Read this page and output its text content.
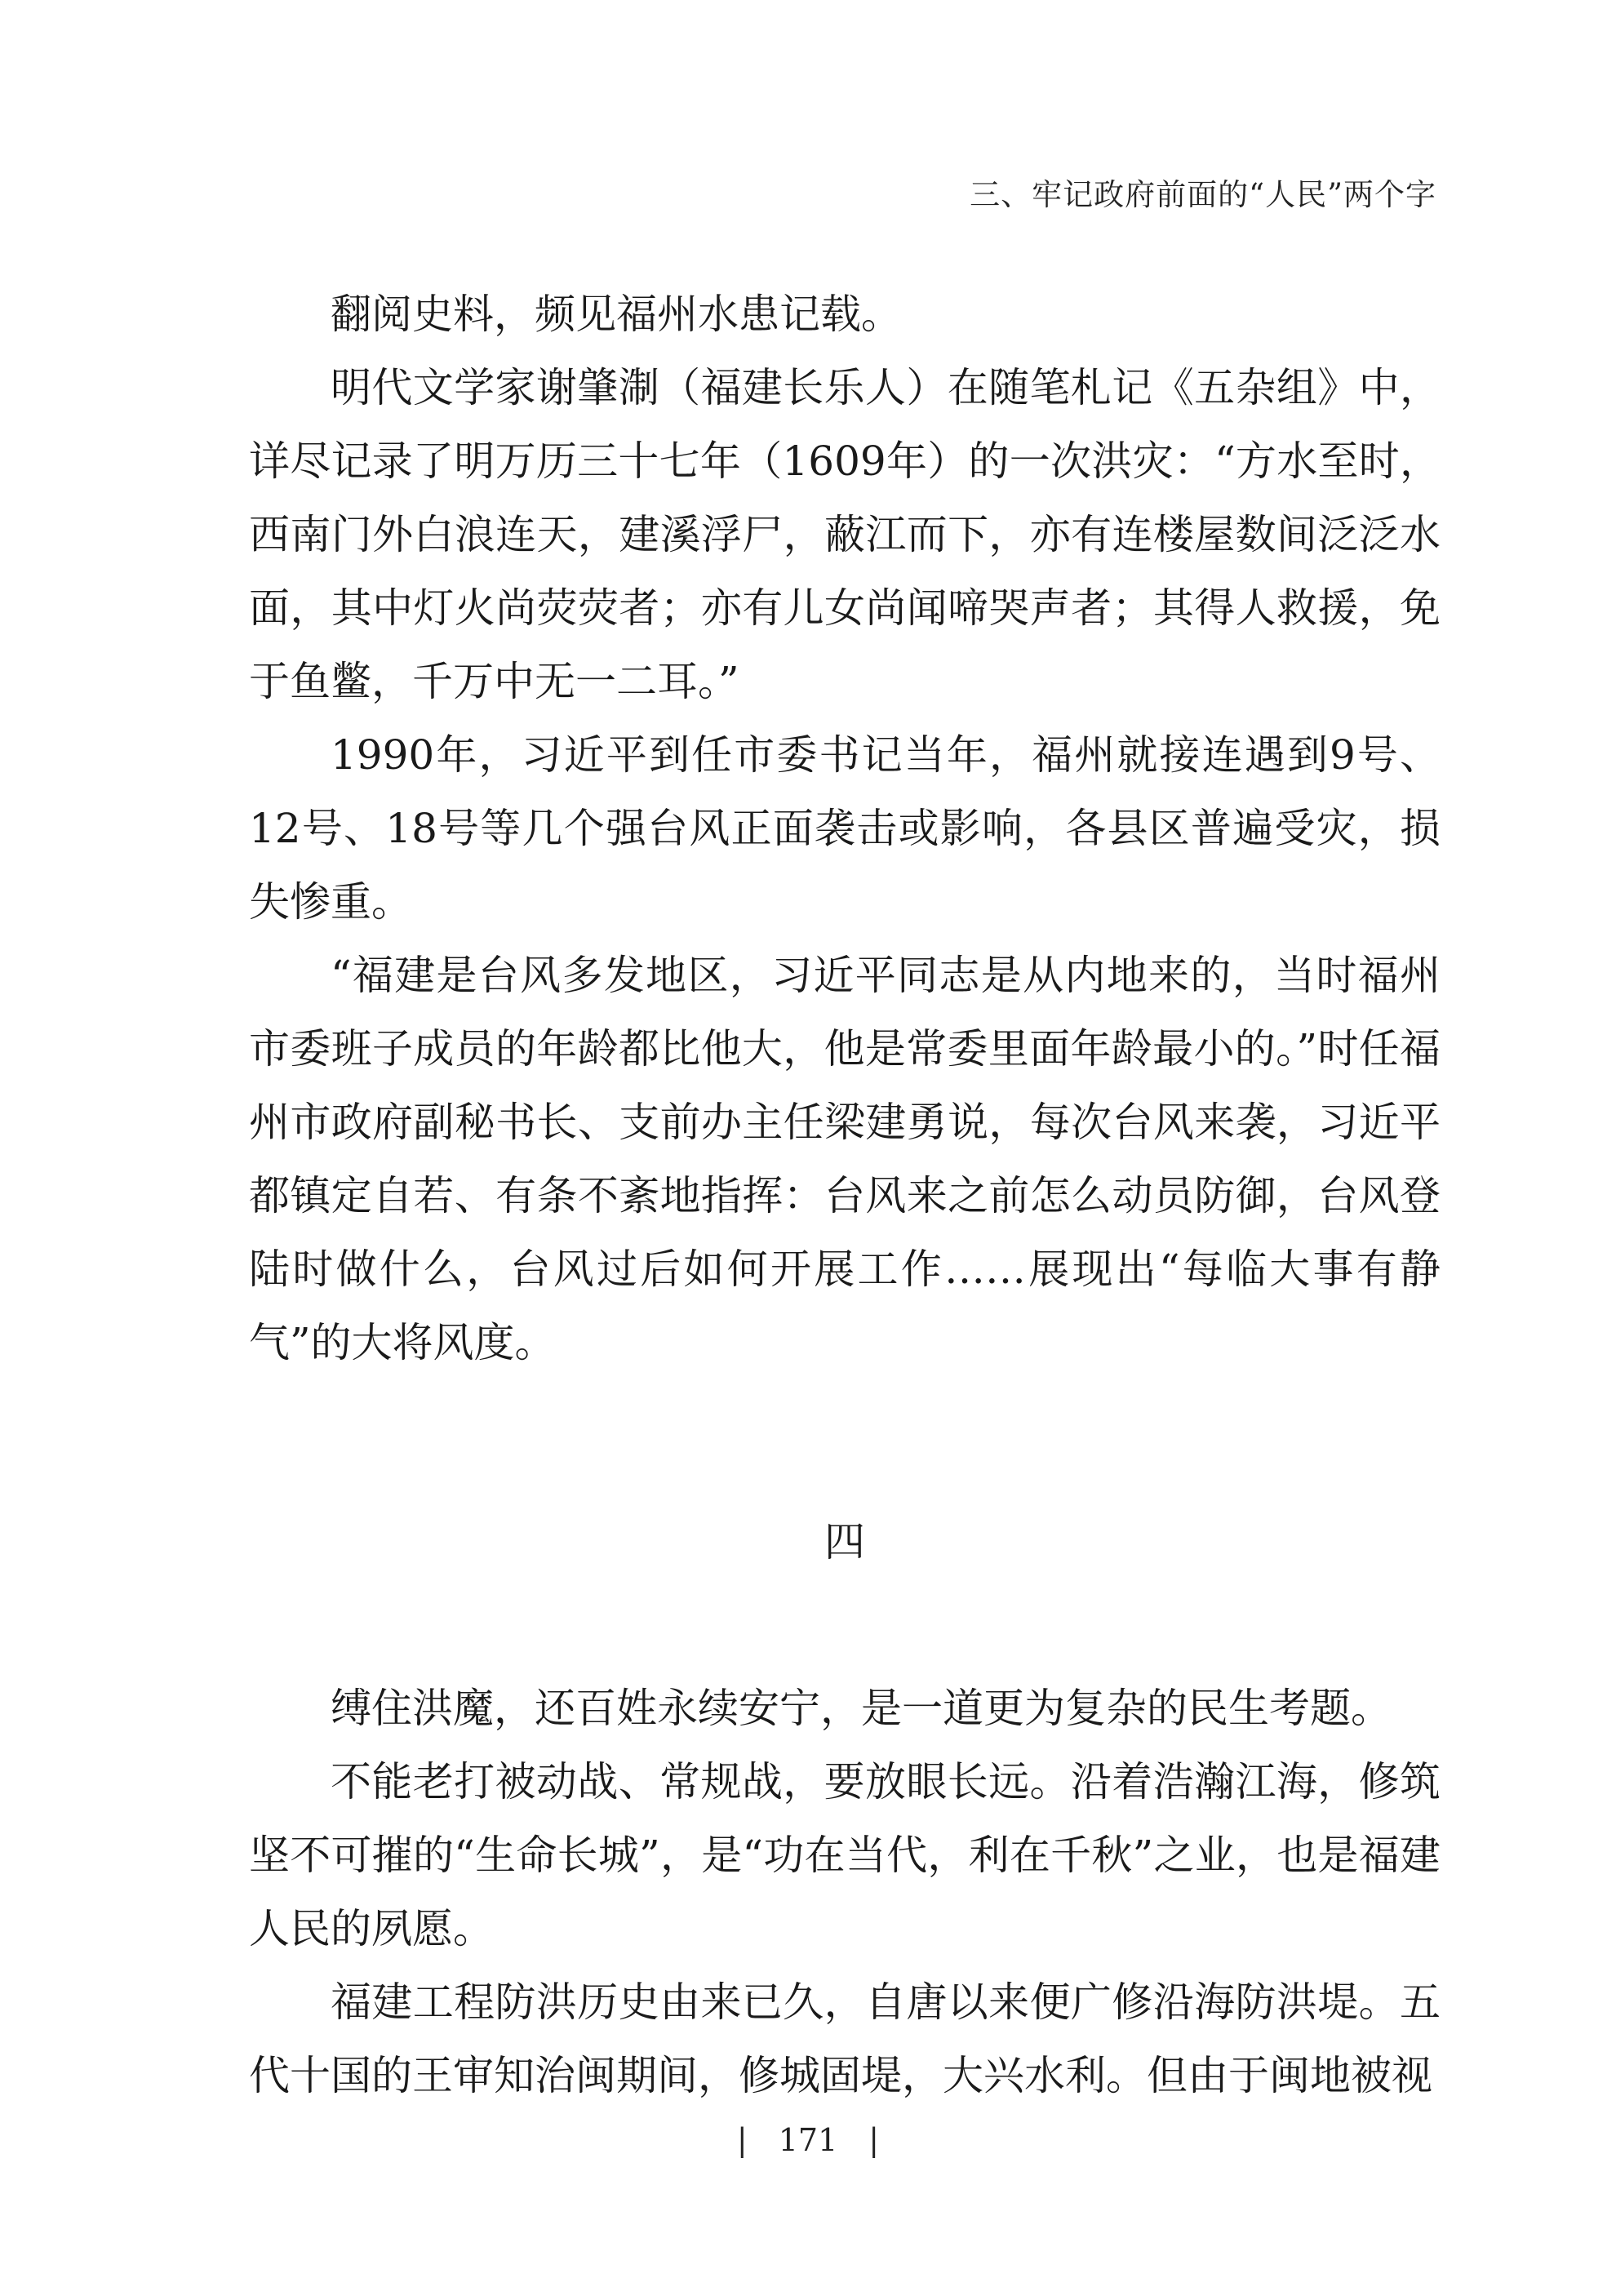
三、牢记政府前面的“人民”两个字

翻阅史料，频见福州水患记载。

明代文学家谢肇淛（福建长乐人）在随笔札记《五杂组》中，详尽记录了明万历三十七年（1609年）的一次洪灾：“方水至时，西南门外白浪连天，建溪浮尸，蔽江而下，亦有连楼屋数间泛泛水面，其中灯火尚荧荧者；亦有儿女尚闻啼哭声者；其得人救援，免于鱼鳖，千万中无一二耳。”

1990年，习近平到任市委书记当年，福州就接连遇到9号、12号、18号等几个强台风正面袭击或影响，各县区普遍受灾，损失惨重。

“福建是台风多发地区，习近平同志是从内地来的，当时福州市委班子成员的年龄都比他大，他是常委里面年龄最小的。”时任福州市政府副秘书长、支前办主任梁建勇说，每次台风来袭，习近平都镇定自若、有条不紊地指挥：台风来之前怎么动员防御，台风登陆时做什么，台风过后如何开展工作……展现出“每临大事有静气”的大将风度。

四

缚住洪魔，还百姓永续安宁，是一道更为复杂的民生考题。

不能老打被动战、常规战，要放眼长远。沿着浩瀚江海，修筑坚不可摧的“生命长城”，是“功在当代，利在千秋”之业，也是福建人民的夙愿。

福建工程防洪历史由来已久，自唐以来便广修沿海防洪堤。五代十国的王审知治闽期间，修城固堤，大兴水利。但由于闽地被视

| 171 |
